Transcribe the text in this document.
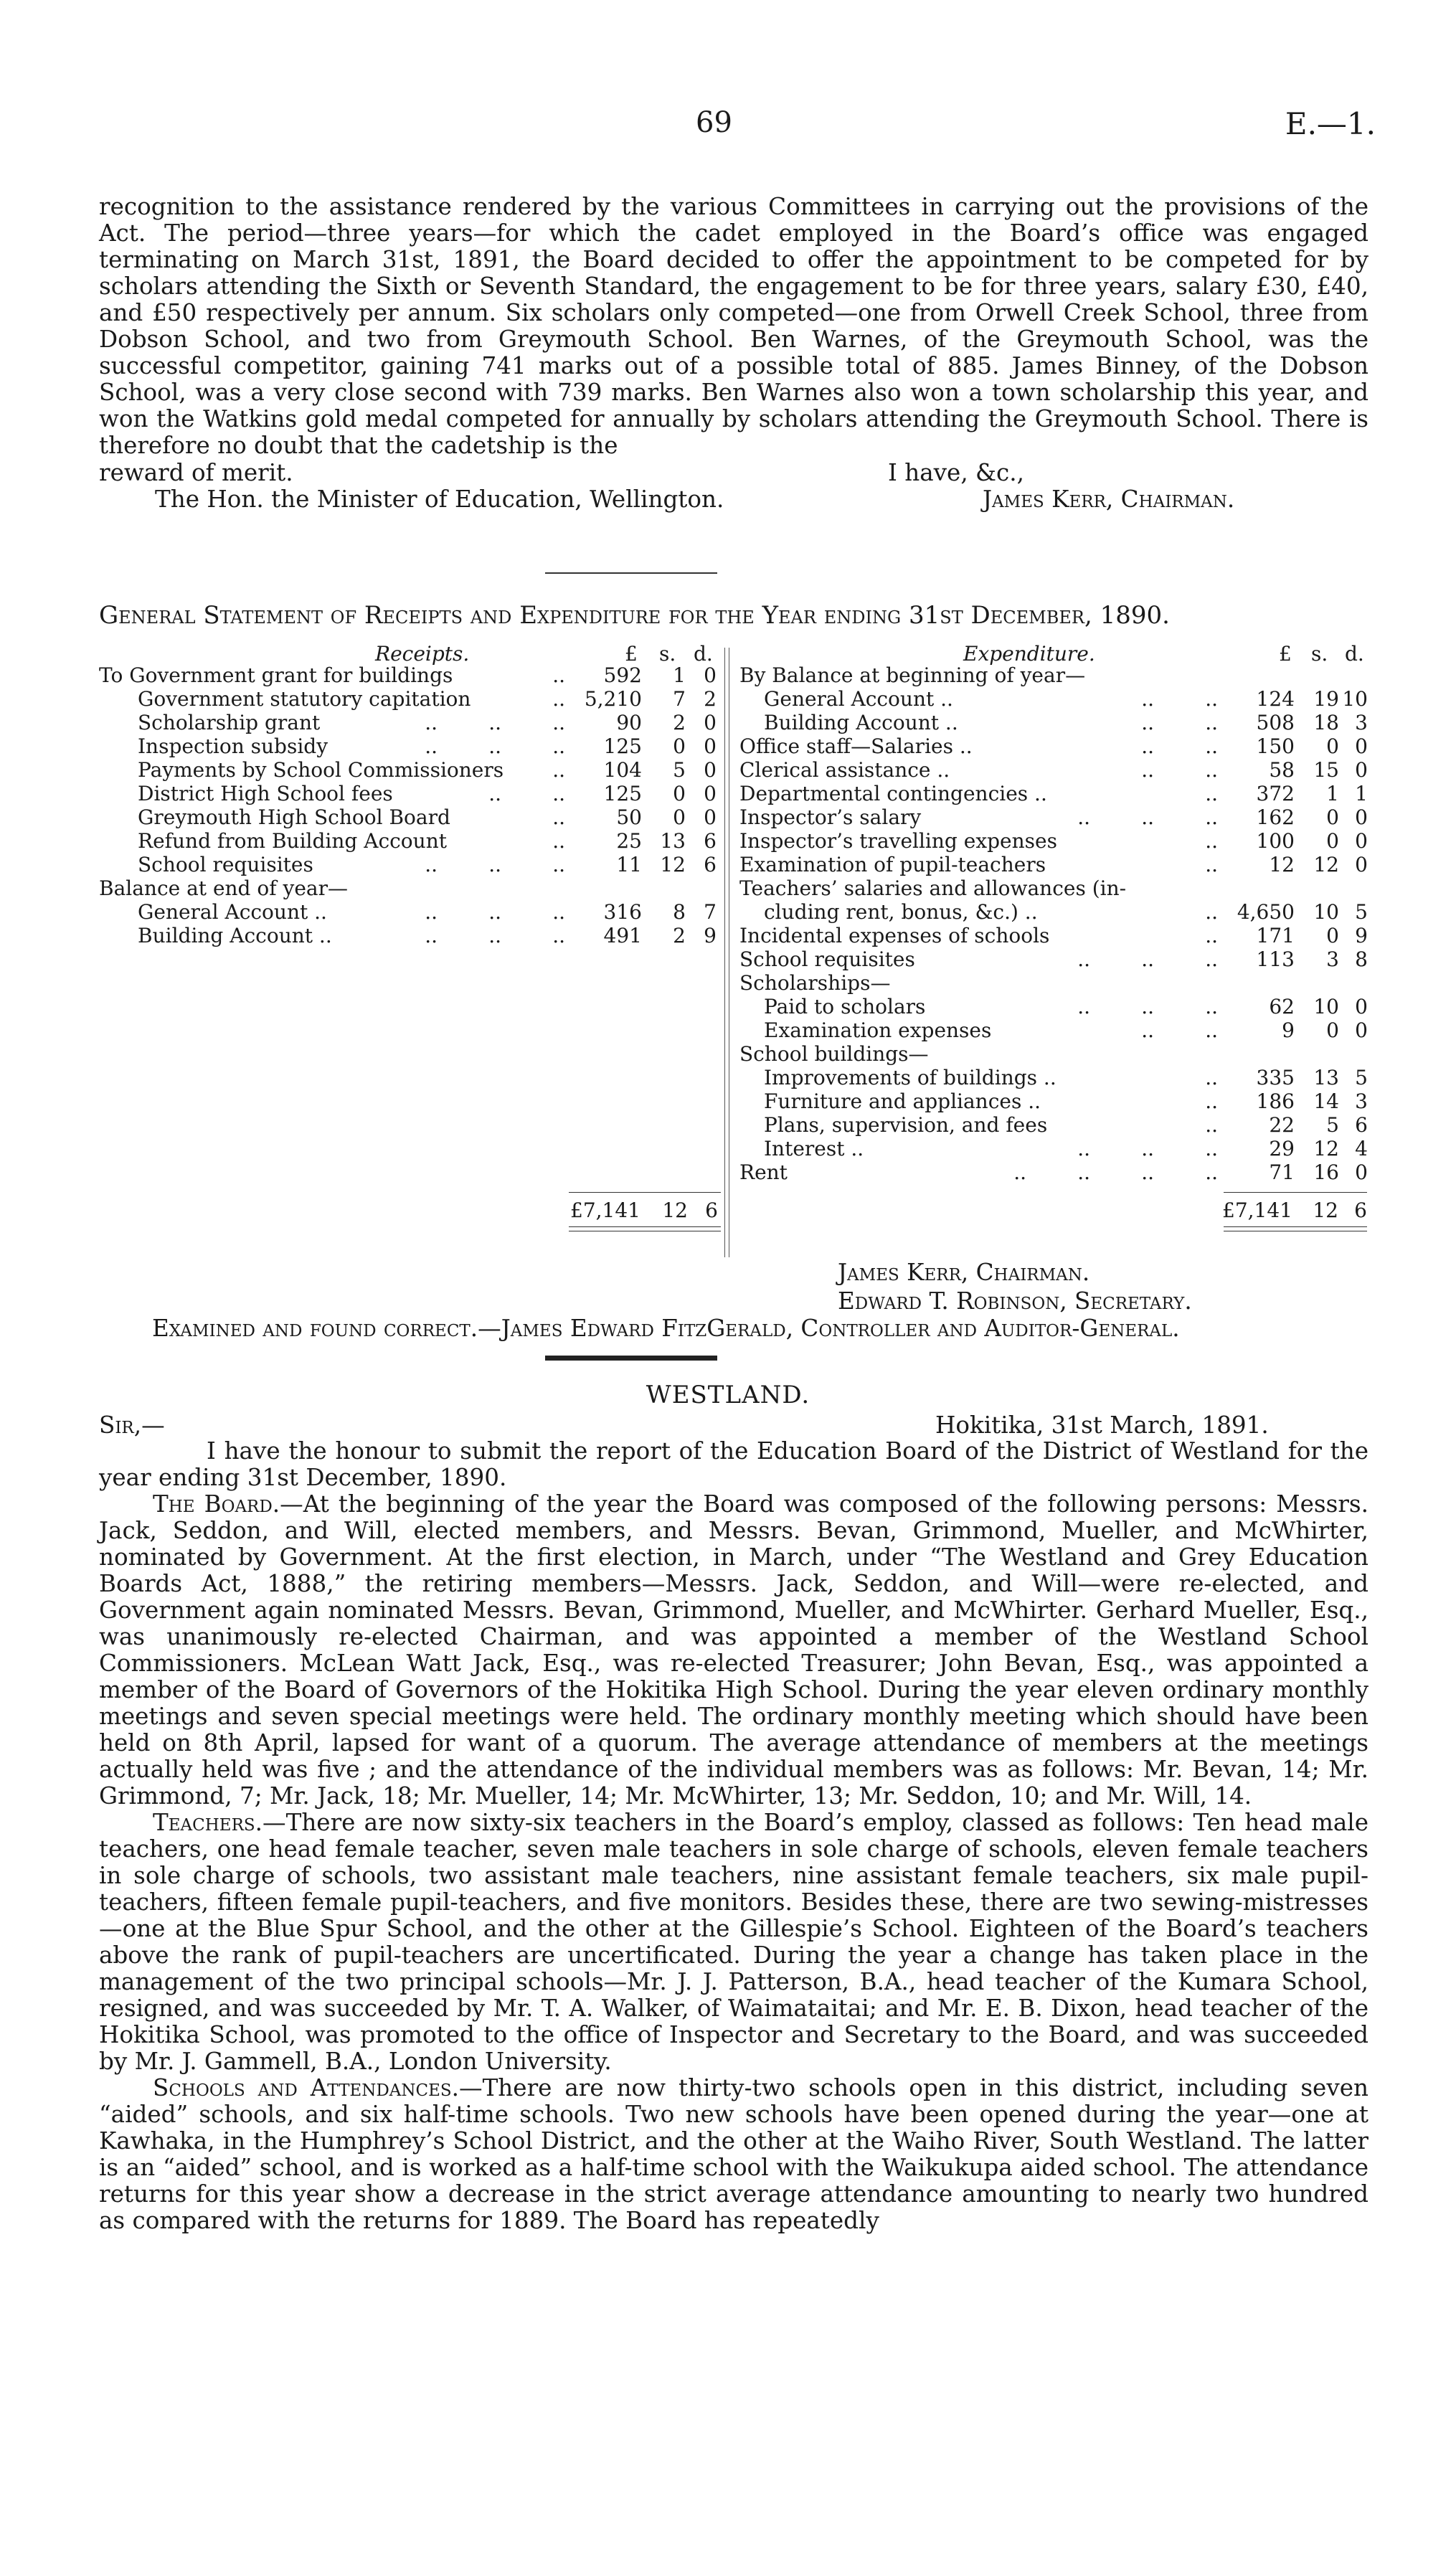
69	E.—1.

recognition to the assistance rendered by the various Committees in carrying out the provisions of the Act. The period—three years—for which the cadet employed in the Board’s office was engaged terminating on March 31st, 1891, the Board decided to offer the appointment to be competed for by scholars attending the Sixth or Seventh Standard, the engagement to be for three years, salary £30, £40, and £50 respectively per annum. Six scholars only competed—one from Orwell Creek School, three from Dobson School, and two from Greymouth School. Ben Warnes, of the Greymouth School, was the successful competitor, gaining 741 marks out of a possible total of 885. James Binney, of the Dobson School, was a very close second with 739 marks. Ben Warnes also won a town scholarship this year, and won the Watkins gold medal competed for annually by scholars attending the Greymouth School. There is therefore no doubt that the cadetship is the

reward of merit.	I have, &c.,
The Hon. the Minister of Education, Wellington.	James Kerr, Chairman.
General Statement of Receipts and Expenditure for the Year ending 31st December, 1890.
Receipts.	£ s. d.	Expenditure.	£ s. d.
To Government grant for buildings	.. 592 1 0
Government statutory capitation	.. 5,210 7 2
Scholarship grant	..        ..        ..	90 2 0
Inspection subsidy	..        ..        .. 125 0 0
Payments by School Commissioners .. 104 5 0
District High School fees	..        .. 125 0 0
Greymouth High School Board	..	50 0 0
Refund from Building Account	..	25 13 6
School requisites	..        ..        ..	11 12 6
Balance at end of year—
General Account ..	..        ..        .. 316 8 7
Building Account ..	..        ..        .. 491 2 9
£7,141 12 6
By Balance at beginning of year—
General Account ..	..        .. 124 19 10
Building Account ..	..        .. 508 18 3
Office staff—Salaries ..	..        .. 150 0 0
Clerical assistance ..	..        ..	58 15 0
Departmental contingencies ..	.. 372 1 1
Inspector’s salary	..        ..        .. 162 0 0
Inspector’s travelling expenses	.. 100 0 0
Examination of pupil-teachers	..	12 12 0
Teachers’ salaries and allowances (in-
cluding rent, bonus, &c.) ..	.. 4,650 10 5
Incidental expenses of schools	.. 171 0 9
School requisites	..        ..        .. 113 3 8
Scholarships—
Paid to scholars	..        ..        ..	62 10 0
Examination expenses	..        ..	9 0 0
School buildings—
Improvements of buildings ..	.. 335 13 5
Furniture and appliances ..	.. 186 14 3
Plans, supervision, and fees	..	22 5 6
Interest ..	..        ..        ..	29 12 4
Rent	..        ..        ..        ..	71 16 0
£7,141 12 6
James Kerr, Chairman.
Edward T. Robinson, Secretary.
Examined and found correct.—James Edward FitzGerald, Controller and Auditor-General.
WESTLAND.
Sir,—	Hokitika, 31st March, 1891.

I have the honour to submit the report of the Education Board of the District of Westland for the year ending 31st December, 1890.

The Board.—At the beginning of the year the Board was composed of the following persons: Messrs. Jack, Seddon, and Will, elected members, and Messrs. Bevan, Grimmond, Mueller, and McWhirter, nominated by Government. At the first election, in March, under “The Westland and Grey Education Boards Act, 1888,” the retiring members—Messrs. Jack, Seddon, and Will—were re-elected, and Government again nominated Messrs. Bevan, Grimmond, Mueller, and McWhirter. Gerhard Mueller, Esq., was unanimously re-elected Chairman, and was appointed a member of the Westland School Commissioners. McLean Watt Jack, Esq., was re-elected Treasurer; John Bevan, Esq., was appointed a member of the Board of Governors of the Hokitika High School. During the year eleven ordinary monthly meetings and seven special meetings were held. The ordinary monthly meeting which should have been held on 8th April, lapsed for want of a quorum. The average attendance of members at the meetings actually held was five ; and the attendance of the individual members was as follows: Mr. Bevan, 14; Mr. Grimmond, 7; Mr. Jack, 18; Mr. Mueller, 14; Mr. McWhirter, 13; Mr. Seddon, 10; and Mr. Will, 14.

Teachers.—There are now sixty-six teachers in the Board’s employ, classed as follows: Ten head male teachers, one head female teacher, seven male teachers in sole charge of schools, eleven female teachers in sole charge of schools, two assistant male teachers, nine assistant female teachers, six male pupil-teachers, fifteen female pupil-teachers, and five monitors. Besides these, there are two sewing-mistresses—one at the Blue Spur School, and the other at the Gillespie’s School. Eighteen of the Board’s teachers above the rank of pupil-teachers are uncertificated. During the year a change has taken place in the management of the two principal schools—Mr. J. J. Patterson, B.A., head teacher of the Kumara School, resigned, and was succeeded by Mr. T. A. Walker, of Waimataitai; and Mr. E. B. Dixon, head teacher of the Hokitika School, was promoted to the office of Inspector and Secretary to the Board, and was succeeded by Mr. J. Gammell, B.A., London University.

Schools and Attendances.—There are now thirty-two schools open in this district, including seven “aided” schools, and six half-time schools. Two new schools have been opened during the year—one at Kawhaka, in the Humphrey’s School District, and the other at the Waiho River, South Westland. The latter is an “aided” school, and is worked as a half-time school with the Waikukupa aided school. The attendance returns for this year show a decrease in the strict average attendance amounting to nearly two hundred as compared with the returns for 1889. The Board has repeatedly
